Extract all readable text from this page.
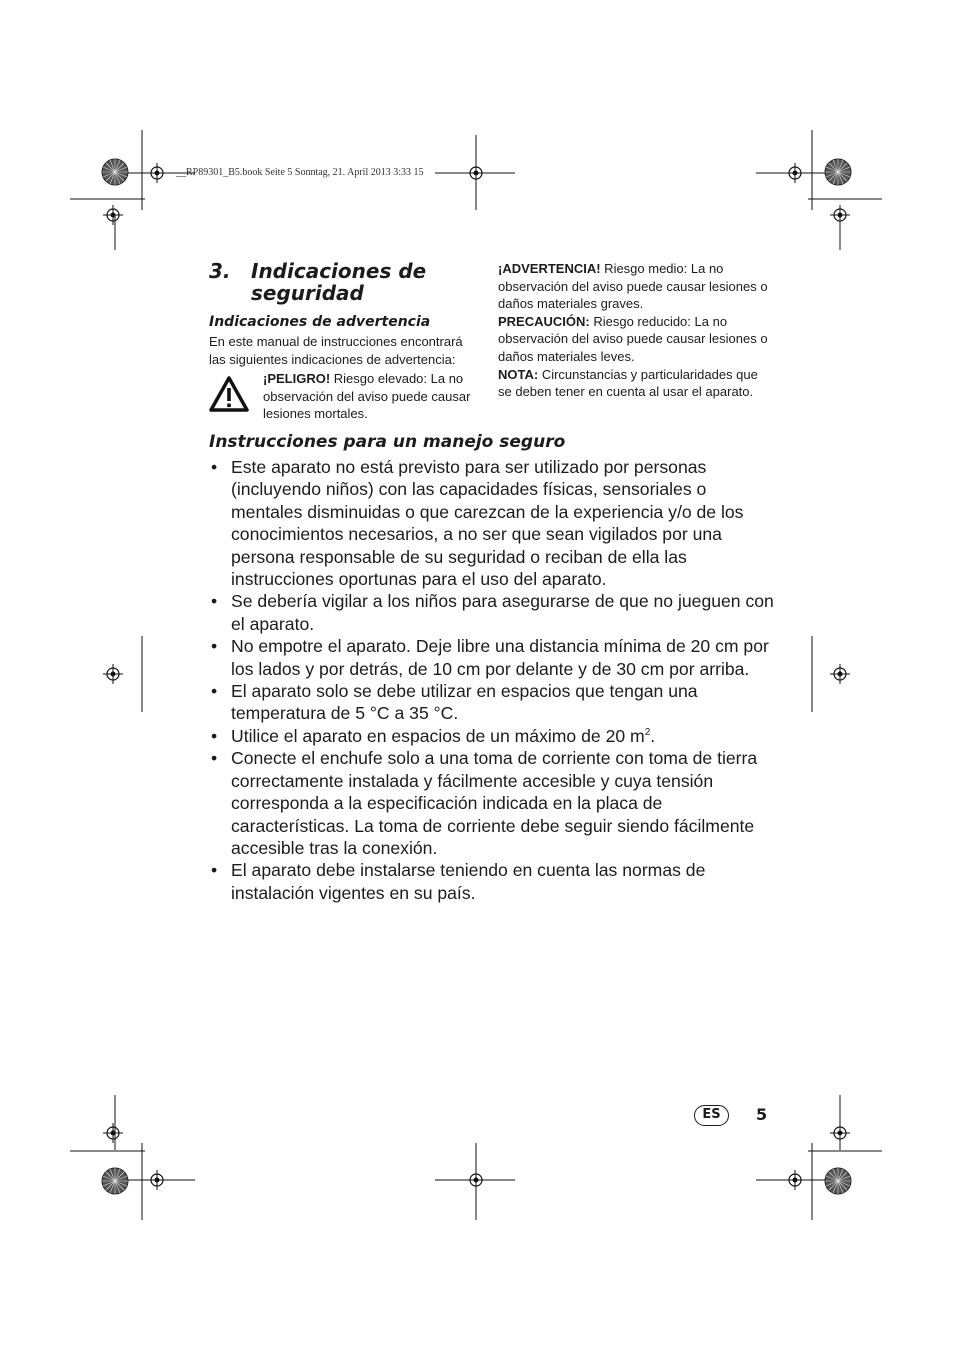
__RP89301_B5.book Seite 5 Sonntag, 21. April 2013 3:33 15
3. Indicaciones de
seguridad

Indicaciones de advertencia

En este manual de instrucciones encontrará las siguientes indicaciones de advertencia:

¡PELIGRO! Riesgo elevado: La no observación del aviso puede causar lesiones mortales.

¡ADVERTENCIA! Riesgo medio: La no observación del aviso puede causar lesiones o daños materiales graves.

PRECAUCIÓN: Riesgo reducido: La no observación del aviso puede causar lesiones o daños materiales leves.

NOTA: Circunstancias y particularidades que se deben tener en cuenta al usar el aparato.

Instrucciones para un manejo seguro

• Este aparato no está previsto para ser utilizado por personas (incluyendo niños) con las capacidades físicas, sensoriales o mentales disminuidas o que carezcan de la experiencia y/o de los conocimientos necesarios, a no ser que sean vigilados por una persona responsable de su seguridad o reciban de ella las instrucciones oportunas para el uso del aparato.
• Se debería vigilar a los niños para asegurarse de que no jueguen con el aparato.
• No empotre el aparato. Deje libre una distancia mínima de 20 cm por los lados y por detrás, de 10 cm por delante y de 30 cm por arriba.
• El aparato solo se debe utilizar en espacios que tengan una temperatura de 5 °C a 35 °C.
• Utilice el aparato en espacios de un máximo de 20 $m^2$.
• Conecte el enchufe solo a una toma de corriente con toma de tierra correctamente instalada y fácilmente accesible y cuya tensión corresponda a la especificación indicada en la placa de características. La toma de corriente debe seguir siendo fácilmente accesible tras la conexión.
• El aparato debe instalarse teniendo en cuenta las normas de instalación vigentes en su país.
ES	5
